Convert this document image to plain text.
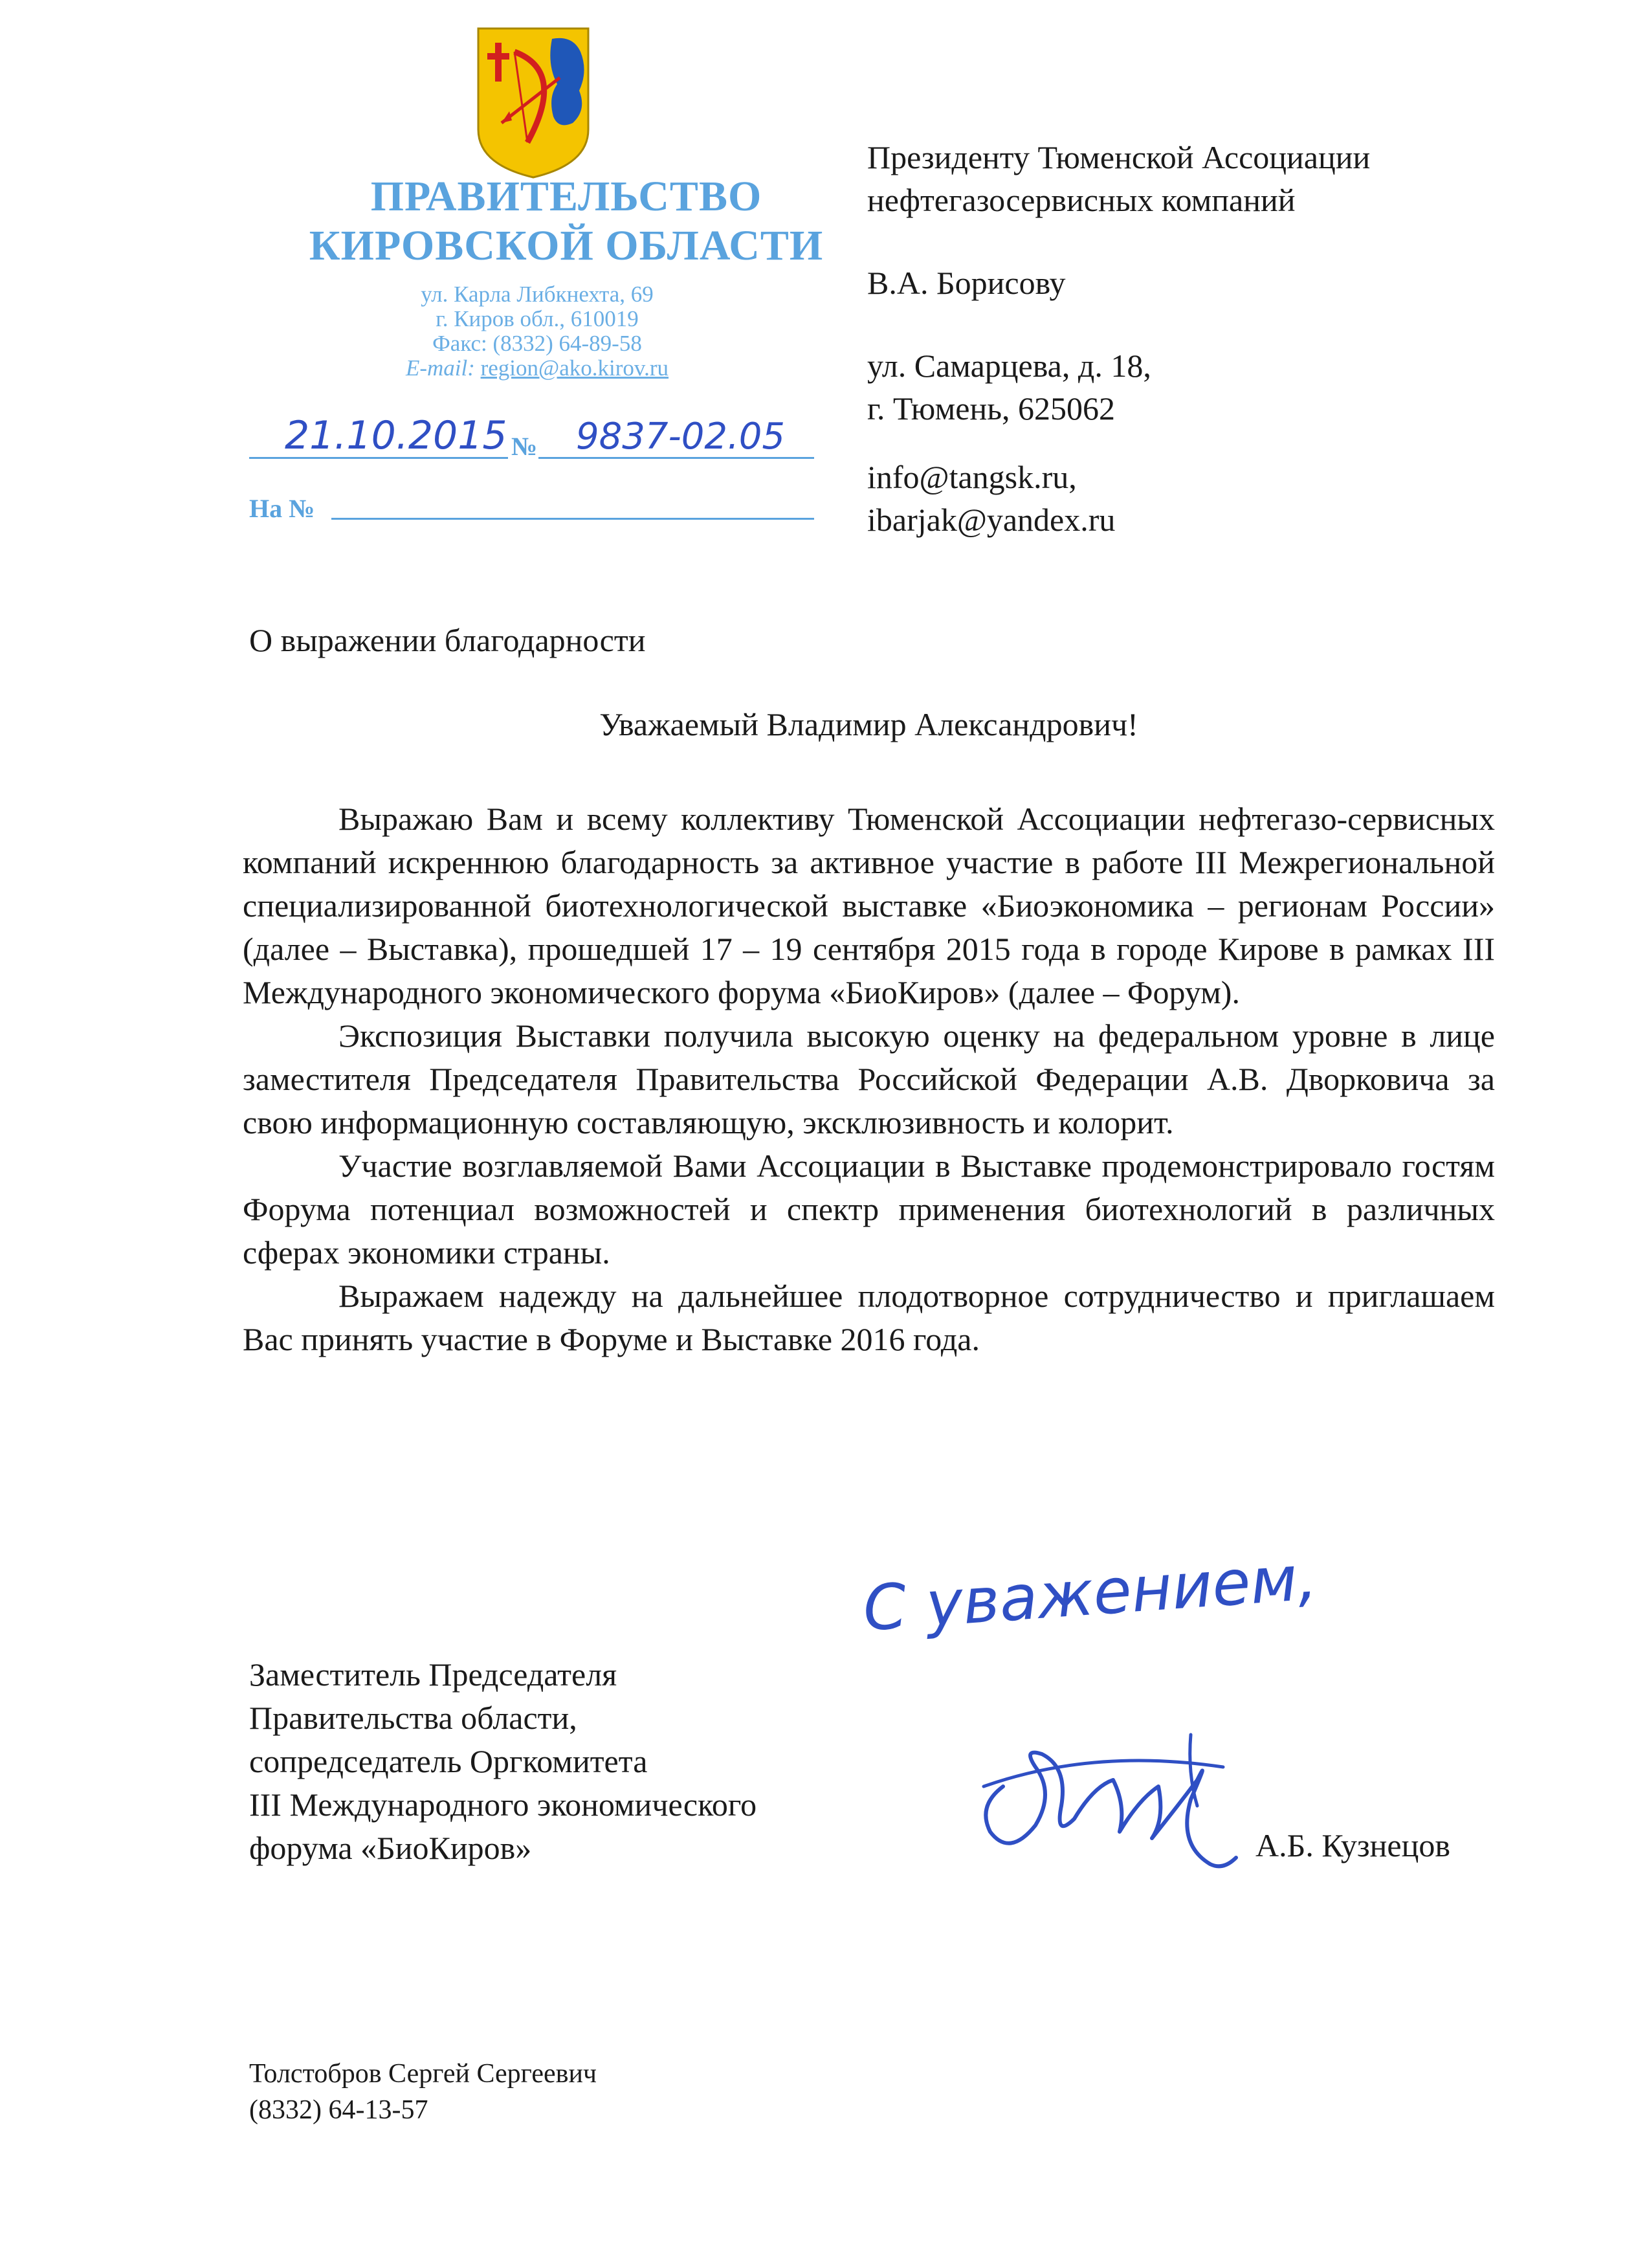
ПРАВИТЕЛЬСТВО
КИРОВСКОЙ ОБЛАСТИ
ул. Карла Либкнехта, 69
г. Киров обл., 610019
Факс: (8332) 64-89-58
E-mail: region@ako.kirov.ru
21.10.2015 № 9837-02.05
На №
Президенту Тюменской Ассоциации
нефтегазосервисных компаний
В.А. Борисову
ул. Самарцева, д. 18,
г. Тюмень, 625062
info@tangsk.ru,
ibarjak@yandex.ru
О выражении благодарности
Уважаемый Владимир Александрович!

Выражаю Вам и всему коллективу Тюменской Ассоциации нефтегазо-сервисных компаний искреннюю благодарность за активное участие в работе III Межрегиональной специализированной биотехнологической выставке «Биоэкономика – регионам России» (далее – Выставка), прошедшей 17 – 19 сентября 2015 года в городе Кирове в рамках III Международного экономического форума «БиоКиров» (далее – Форум).

Экспозиция Выставки получила высокую оценку на федеральном уровне в лице заместителя Председателя Правительства Российской Федерации А.В. Дворковича за свою информационную составляющую, эксклюзивность и колорит.

Участие возглавляемой Вами Ассоциации в Выставке продемонстрировало гостям Форума потенциал возможностей и спектр применения биотехнологий в различных сферах экономики страны.

Выражаем надежду на дальнейшее плодотворное сотрудничество и приглашаем Вас принять участие в Форуме и Выставке 2016 года.

С уважением,
Заместитель Председателя
Правительства области,
сопредседатель Оргкомитета
III Международного экономического
форума «БиоКиров»	А.Б. Кузнецов
Толстобров Сергей Сергеевич
(8332) 64-13-57
